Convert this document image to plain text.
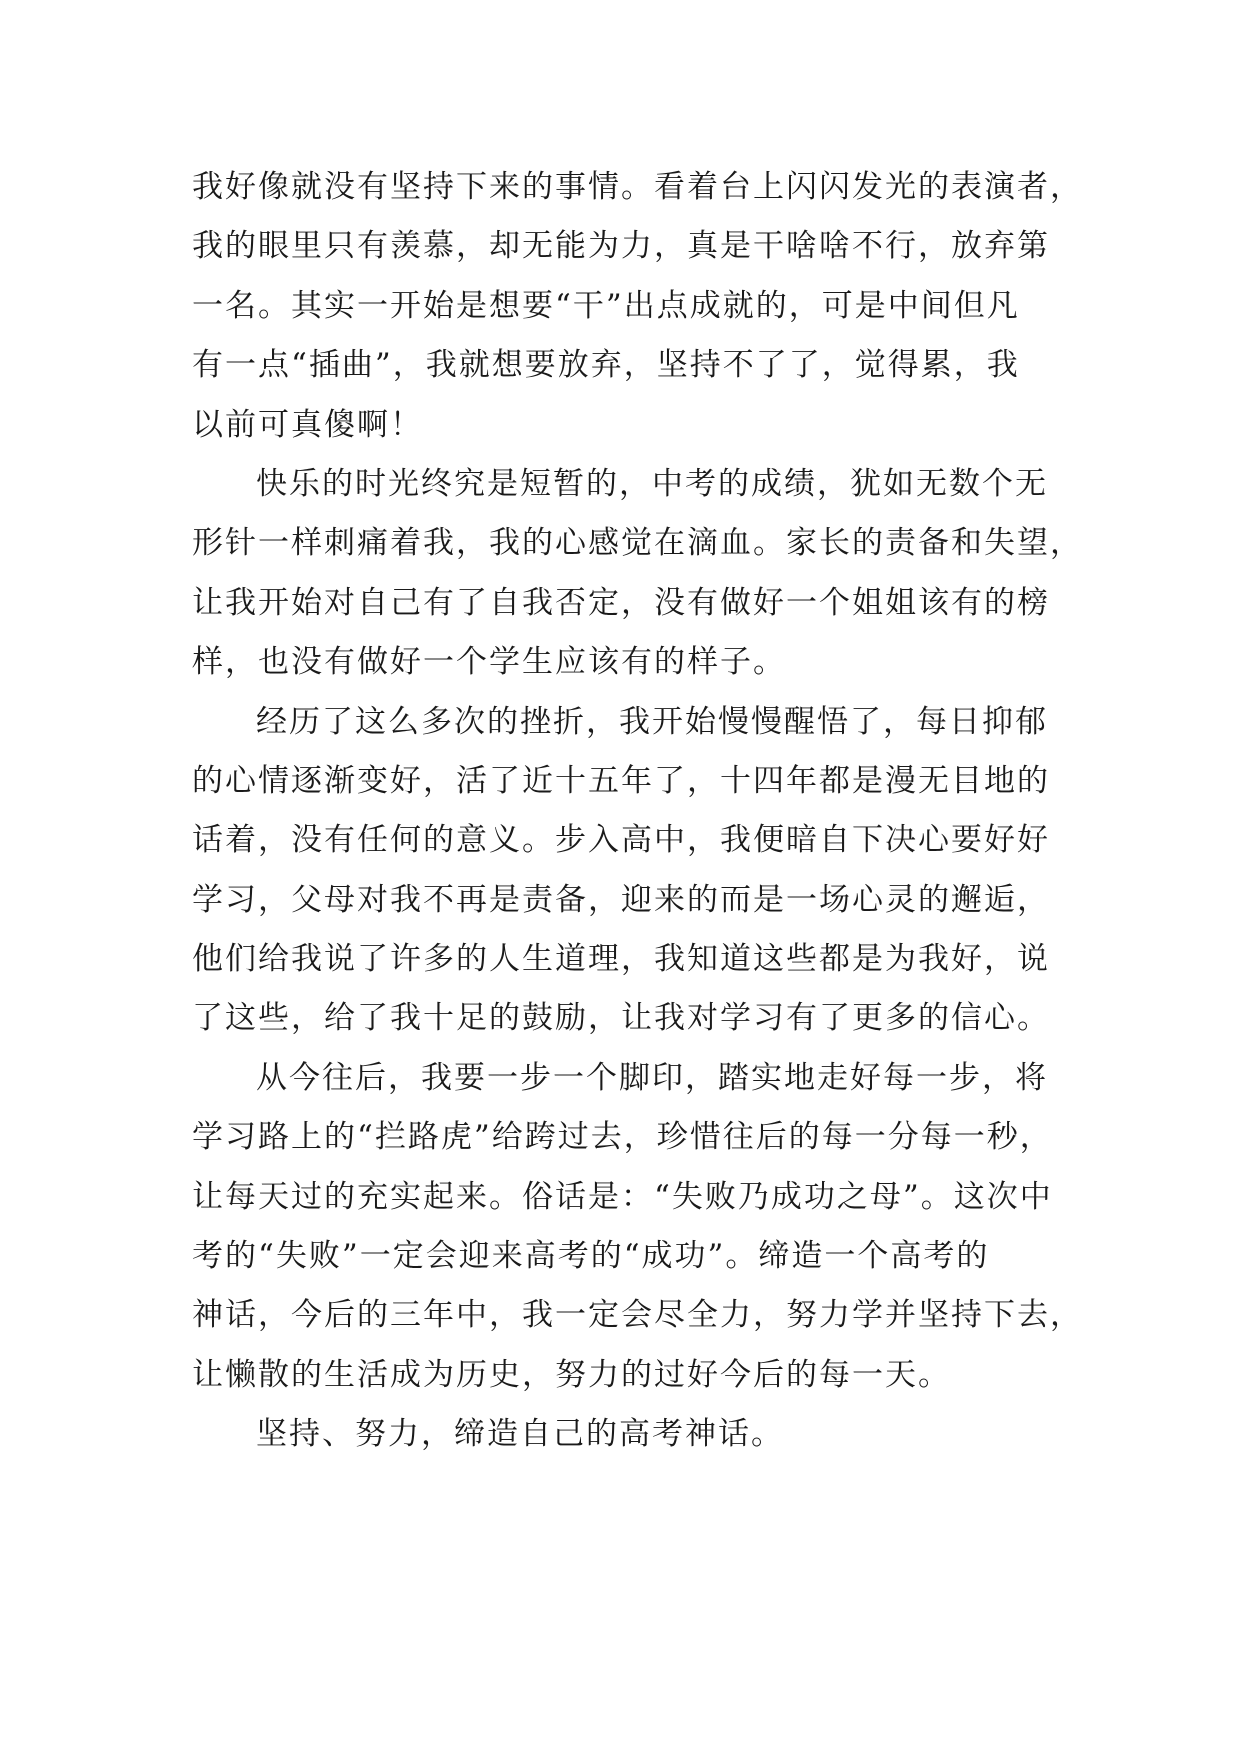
我好像就没有坚持下来的事情。看着台上闪闪发光的表演者，
我的眼里只有羡慕，却无能为力，真是干啥啥不行，放弃第
一名。其实一开始是想要“干”出点成就的，可是中间但凡
有一点“插曲”，我就想要放弃，坚持不了了，觉得累，我
以前可真傻啊！
快乐的时光终究是短暂的，中考的成绩，犹如无数个无
形针一样刺痛着我，我的心感觉在滴血。家长的责备和失望，
让我开始对自己有了自我否定，没有做好一个姐姐该有的榜
样，也没有做好一个学生应该有的样子。
经历了这么多次的挫折，我开始慢慢醒悟了，每日抑郁
的心情逐渐变好，活了近十五年了，十四年都是漫无目地的
话着，没有任何的意义。步入高中，我便暗自下决心要好好
学习，父母对我不再是责备，迎来的而是一场心灵的邂逅，
他们给我说了许多的人生道理，我知道这些都是为我好，说
了这些，给了我十足的鼓励，让我对学习有了更多的信心。
从今往后，我要一步一个脚印，踏实地走好每一步，将
学习路上的“拦路虎”给跨过去，珍惜往后的每一分每一秒，
让每天过的充实起来。俗话是：“失败乃成功之母”。这次中
考的“失败”一定会迎来高考的“成功”。缔造一个高考的
神话，今后的三年中，我一定会尽全力，努力学并坚持下去，
让懒散的生活成为历史，努力的过好今后的每一天。
坚持、努力，缔造自己的高考神话。
